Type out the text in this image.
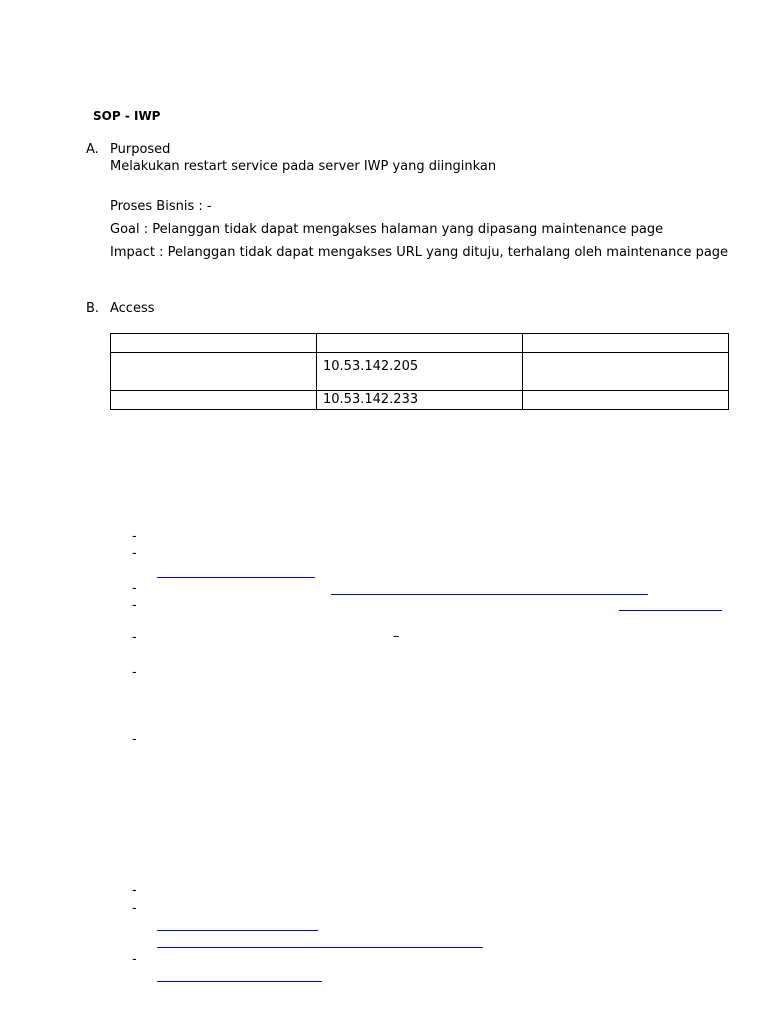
SOP - IWP
A. Purposed
Melakukan restart service pada server IWP yang diinginkan
Proses Bisnis : -
Goal : Pelanggan tidak dapat mengakses halaman yang dipasang maintenance page
Impact : Pelanggan tidak dapat mengakses URL yang dituju, terhalang oleh maintenance page
B. Access

	10.53.142.205	
	10.53.142.233	
-
-
-
-
-
-
-
-
-
-
–
